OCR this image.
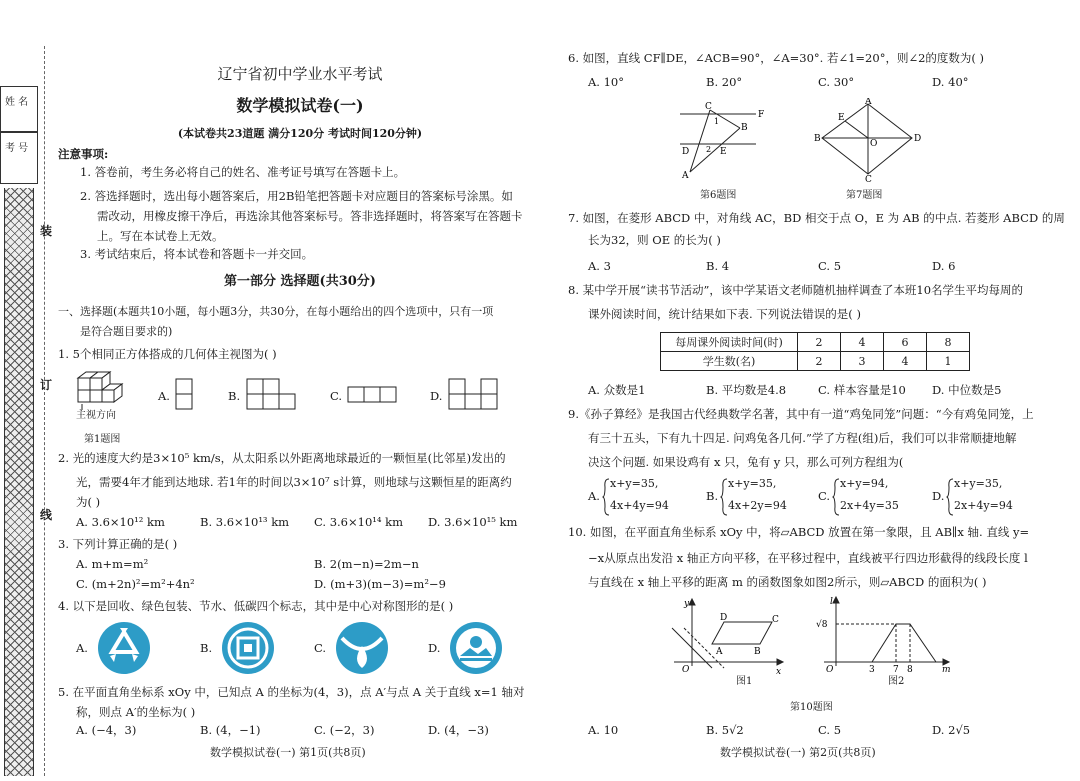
姓 名
考 号
装
订
线
辽宁省初中学业水平考试
数学模拟试卷(一)
(本试卷共23道题 满分120分 考试时间120分钟)
注意事项:
1. 答卷前，考生务必将自己的姓名、准考证号填写在答题卡上。
2. 答选择题时，选出每小题答案后，用2B铅笔把答题卡对应题目的答案标号涂黑。如
需改动，用橡皮擦干净后，再选涂其他答案标号。答非选择题时，将答案写在答题卡
上。写在本试卷上无效。
3. 考试结束后，将本试卷和答题卡一并交回。
第一部分 选择题(共30分)
一、选择题(本题共10小题，每小题3分，共30分，在每小题给出的四个选项中，只有一项
是符合题目要求的)
1. 5个相同正方体搭成的几何体主视图为( )
主视方向
第1题图
A.	B.	C.	D.
2. 光的速度大约是3×10⁵ km/s，从太阳系以外距离地球最近的一颗恒星(比邻星)发出的
光，需要4年才能到达地球. 若1年的时间以3×10⁷ s计算，则地球与这颗恒星的距离约
为( )
A. 3.6×10¹² km	B. 3.6×10¹³ km C. 3.6×10¹⁴ km D. 3.6×10¹⁵ km
3. 下列计算正确的是( )
A. m+m=m²	B. 2(m−n)=2m−n
C. (m+2n)²=m²+4n²	D. (m+3)(m−3)=m²−9
4. 以下是回收、绿色包装、节水、低碳四个标志，其中是中心对称图形的是( )
A.	B.	C.	D.
5. 在平面直角坐标系 xOy 中，已知点 A 的坐标为(4，3)，点 A′与点 A 关于直线 x=1 轴对
称，则点 A′的坐标为( )
A. (−4，3)	B. (4，−1)	C. (−2，3)	D. (4，−3)
数学模拟试卷(一) 第1页(共8页)
6. 如图，直线 CF∥DE，∠ACB=90°，∠A=30°. 若∠1=20°，则∠2的度数为( )
A. 10°	B. 20°	C. 30°	D. 40°
C
F
B
D	E
A
1
2
第6题图
A
B	D
C
E
O
第7题图
7. 如图，在菱形 ABCD 中，对角线 AC，BD 相交于点 O，E 为 AB 的中点. 若菱形 ABCD 的周
长为32，则 OE 的长为( )
A. 3	B. 4	C. 5	D. 6
8. 某中学开展“读书节活动”，该中学某语文老师随机抽样调查了本班10名学生平均每周的
课外阅读时间，统计结果如下表. 下列说法错误的是( )
每周课外阅读时间(时)	2	4	6	8
学生数(名)	2	3	4	1
A. 众数是1	B. 平均数是4.8	C. 样本容量是10 D. 中位数是5
9.《孙子算经》是我国古代经典数学名著，其中有一道“鸡兔同笼”问题：“今有鸡兔同笼，上
有三十五头，下有九十四足. 问鸡兔各几何.”学了方程(组)后，我们可以非常顺捷地解
决这个问题. 如果设鸡有 x 只，兔有 y 只，那么可列方程组为(
A.
x+y=35,
4x+4y=94
B.
x+y=35,
4x+2y=94
C.
x+y=94,
2x+4y=35
D.
x+y=35,
2x+4y=94
10. 如图，在平面直角坐标系 xOy 中，将▱ABCD 放置在第一象限，且 AB∥x 轴. 直线 y=
−x从原点出发沿 x 轴正方向平移，在平移过程中，直线被平行四边形截得的线段长度 l
与直线在 x 轴上平移的距离 m 的函数图象如图2所示，则▱ABCD 的面积为( )
y
x
O
A	B
C
D
图1
l
m
O
√8
3 7 8
图2
第10题图
A. 10	B. 5√2	C. 5	D. 2√5
数学模拟试卷(一) 第2页(共8页)
